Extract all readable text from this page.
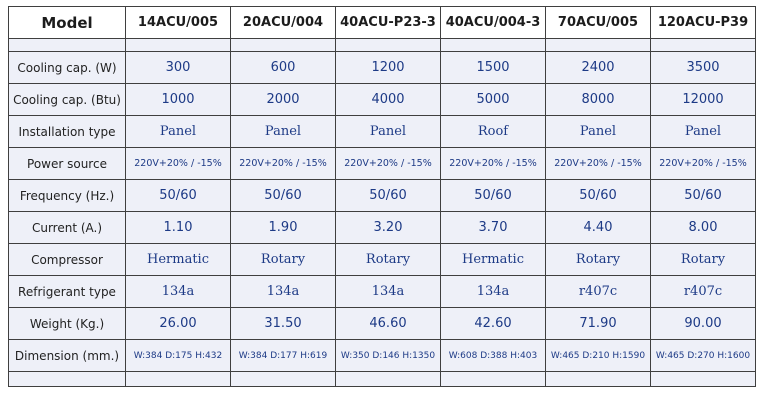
Model	14ACU/005	20ACU/004	40ACU-P23-3	40ACU/004-3	70ACU/005	120ACU-P39

Cooling cap. (W)	300	600	1200	1500	2400	3500
Cooling cap. (Btu)	1000	2000	4000	5000	8000	12000
Installation type	Panel	Panel	Panel	Roof	Panel	Panel
Power source	220V+20% / -15%	220V+20% / -15%	220V+20% / -15%	220V+20% / -15%	220V+20% / -15%	220V+20% / -15%
Frequency (Hz.)	50/60	50/60	50/60	50/60	50/60	50/60
Current (A.)	1.10	1.90	3.20	3.70	4.40	8.00
Compressor	Hermatic	Rotary	Rotary	Hermatic	Rotary	Rotary
Refrigerant type	134a	134a	134a	134a	r407c	r407c
Weight (Kg.)	26.00	31.50	46.60	42.60	71.90	90.00
Dimension (mm.)	W:384 D:175 H:432	W:384 D:177 H:619	W:350 D:146 H:1350	W:608 D:388 H:403	W:465 D:210 H:1590	W:465 D:270 H:1600
